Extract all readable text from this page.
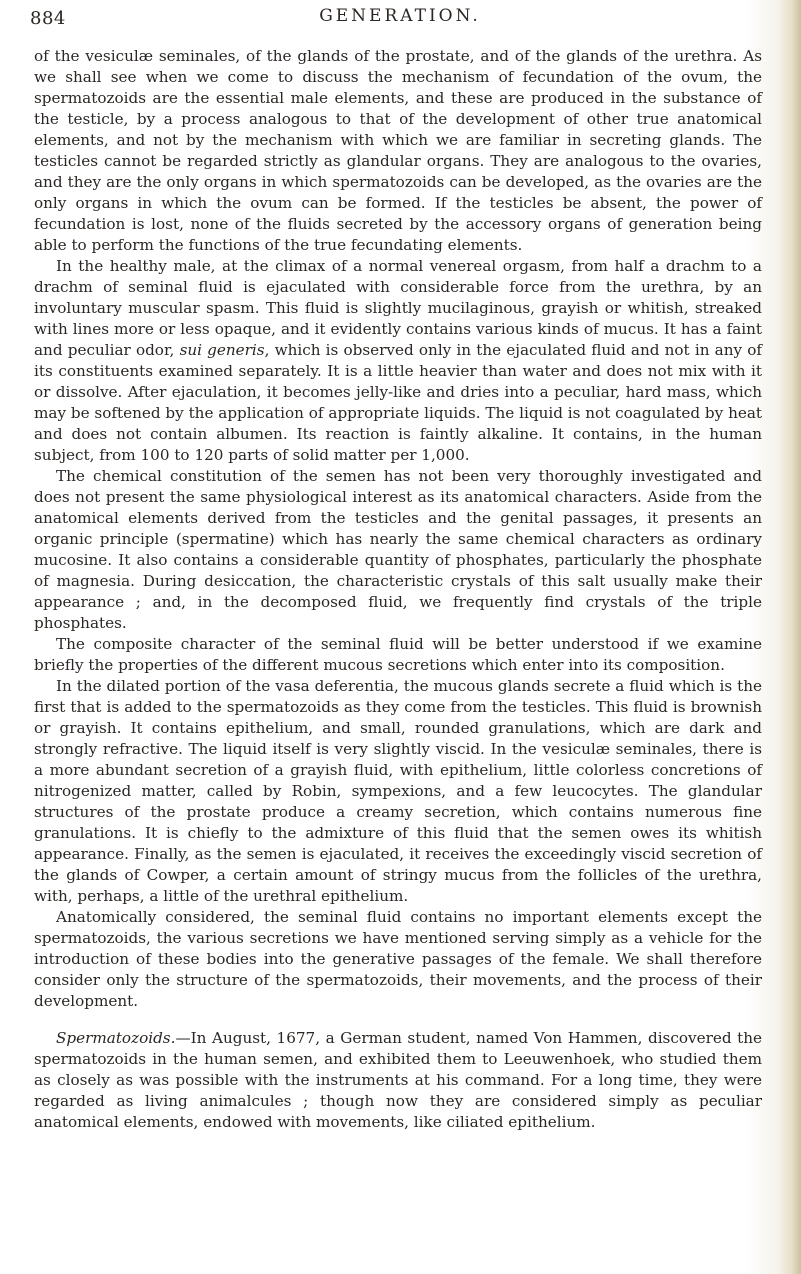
884	GENERATION.

of the vesiculæ seminales, of the glands of the prostate, and of the glands of the urethra. As we shall see when we come to discuss the mechanism of fecundation of the ovum, the spermatozoids are the essential male elements, and these are produced in the substance of the testicle, by a process analogous to that of the development of other true anatomical elements, and not by the mechanism with which we are familiar in secreting glands. The testicles cannot be regarded strictly as glandular organs. They are analogous to the ovaries, and they are the only organs in which spermatozoids can be developed, as the ovaries are the only organs in which the ovum can be formed. If the testicles be absent, the power of fecundation is lost, none of the fluids secreted by the accessory organs of generation being able to perform the functions of the true fecundating elements.

In the healthy male, at the climax of a normal venereal orgasm, from half a drachm to a drachm of seminal fluid is ejaculated with considerable force from the urethra, by an involuntary muscular spasm. This fluid is slightly mucilaginous, grayish or whitish, streaked with lines more or less opaque, and it evidently contains various kinds of mucus. It has a faint and peculiar odor, sui generis, which is observed only in the ejaculated fluid and not in any of its constituents examined separately. It is a little heavier than water and does not mix with it or dissolve. After ejaculation, it becomes jelly-like and dries into a peculiar, hard mass, which may be softened by the application of appropriate liquids. The liquid is not coagulated by heat and does not contain albumen. Its reaction is faintly alkaline. It contains, in the human subject, from 100 to 120 parts of solid matter per 1,000.

The chemical constitution of the semen has not been very thoroughly investigated and does not present the same physiological interest as its anatomical characters. Aside from the anatomical elements derived from the testicles and the genital passages, it presents an organic principle (spermatine) which has nearly the same chemical characters as ordinary mucosine. It also contains a considerable quantity of phosphates, particularly the phosphate of magnesia. During desiccation, the characteristic crystals of this salt usually make their appearance ; and, in the decomposed fluid, we frequently find crystals of the triple phosphates.

The composite character of the seminal fluid will be better understood if we examine briefly the properties of the different mucous secretions which enter into its composition.

In the dilated portion of the vasa deferentia, the mucous glands secrete a fluid which is the first that is added to the spermatozoids as they come from the testicles. This fluid is brownish or grayish. It contains epithelium, and small, rounded granulations, which are dark and strongly refractive. The liquid itself is very slightly viscid. In the vesiculæ seminales, there is a more abundant secretion of a grayish fluid, with epithelium, little colorless concretions of nitrogenized matter, called by Robin, sympexions, and a few leucocytes. The glandular structures of the prostate produce a creamy secretion, which contains numerous fine granulations. It is chiefly to the admixture of this fluid that the semen owes its whitish appearance. Finally, as the semen is ejaculated, it receives the exceedingly viscid secretion of the glands of Cowper, a certain amount of stringy mucus from the follicles of the urethra, with, perhaps, a little of the urethral epithelium.

Anatomically considered, the seminal fluid contains no important elements except the spermatozoids, the various secretions we have mentioned serving simply as a vehicle for the introduction of these bodies into the generative passages of the female. We shall therefore consider only the structure of the spermatozoids, their movements, and the process of their development.

Spermatozoids.—In August, 1677, a German student, named Von Hammen, discovered the spermatozoids in the human semen, and exhibited them to Leeuwenhoek, who studied them as closely as was possible with the instruments at his command. For a long time, they were regarded as living animalcules ; though now they are considered simply as peculiar anatomical elements, endowed with movements, like ciliated epithelium.
